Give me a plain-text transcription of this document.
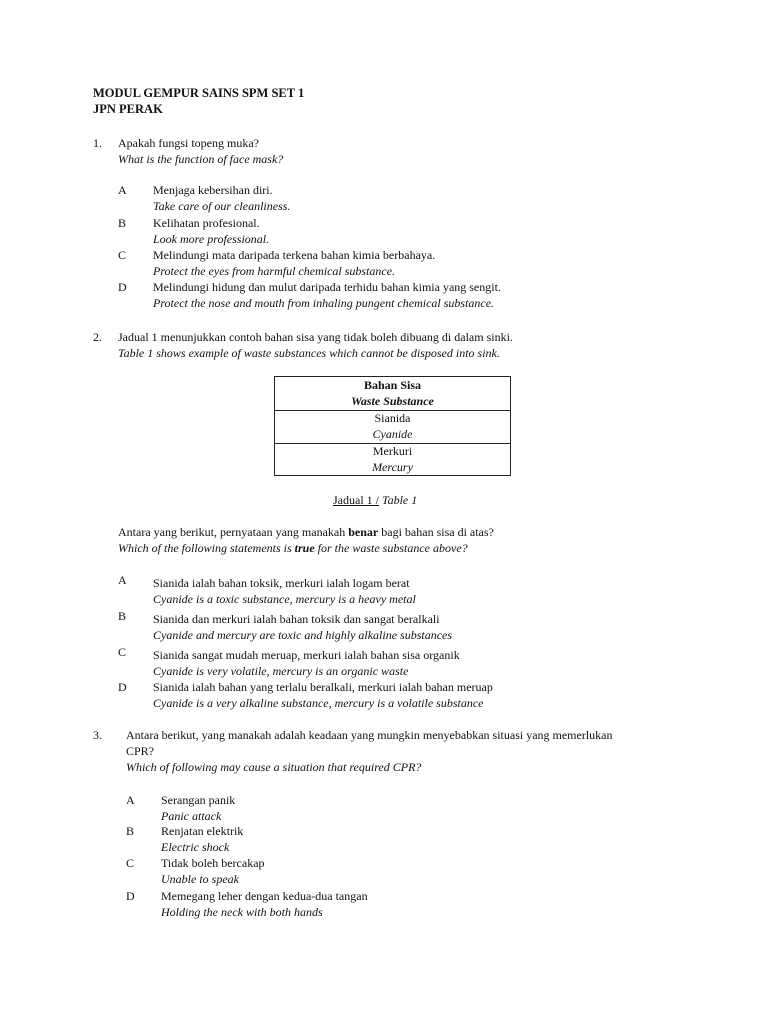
MODUL GEMPUR SAINS SPM SET 1
JPN PERAK
1. Apakah fungsi topeng muka?
What is the function of face mask?
A Menjaga kebersihan diri.
Take care of our cleanliness.
B Kelihatan profesional.
Look more professional.
C Melindungi mata daripada terkena bahan kimia berbahaya.
Protect the eyes from harmful chemical substance.
D Melindungi hidung dan mulut daripada terhidu bahan kimia yang sengit.
Protect the nose and mouth from inhaling pungent chemical substance.
2. Jadual 1 menunjukkan contoh bahan sisa yang tidak boleh dibuang di dalam sinki.
Table 1 shows example of waste substances which cannot be disposed into sink.
Bahan Sisa
Waste Substance
Sianida
Cyanide
Merkuri
Mercury
Jadual 1 / Table 1
Antara yang berikut, pernyataan yang manakah benar bagi bahan sisa di atas?
Which of the following statements is true for the waste substance above?
A Sianida ialah bahan toksik, merkuri ialah logam berat
Cyanide is a toxic substance, mercury is a heavy metal
B Sianida dan merkuri ialah bahan toksik dan sangat beralkali
Cyanide and mercury are toxic and highly alkaline substances
C Sianida sangat mudah meruap, merkuri ialah bahan sisa organik
Cyanide is very volatile, mercury is an organic waste
D Sianida ialah bahan yang terlalu beralkali, merkuri ialah bahan meruap
Cyanide is a very alkaline substance, mercury is a volatile substance
3. Antara berikut, yang manakah adalah keadaan yang mungkin menyebabkan situasi yang memerlukan
CPR?
Which of following may cause a situation that required CPR?
A Serangan panik
Panic attack
B Renjatan elektrik
Electric shock
C Tidak boleh bercakap
Unable to speak
D Memegang leher dengan kedua-dua tangan
Holding the neck with both hands
